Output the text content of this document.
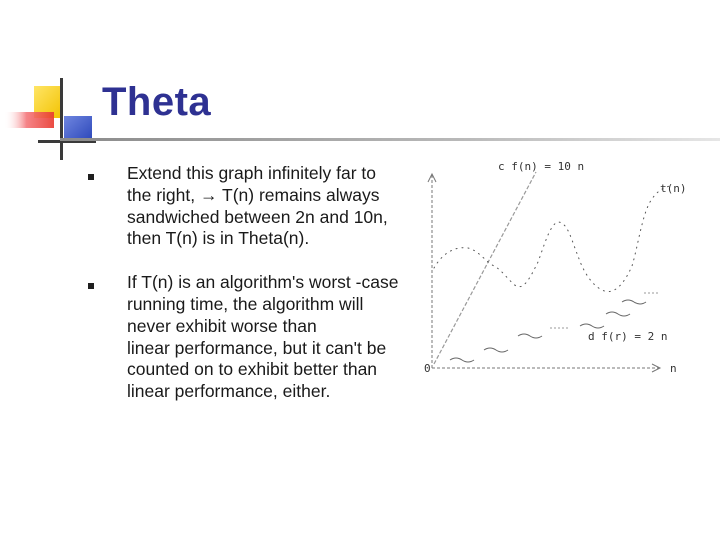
Theta
Extend this graph infinitely far to the right, → T(n) remains always sandwiched between 2n and 10n, then T(n) is in Theta(n).
If T(n) is an algorithm's worst -case running time, the algorithm will never exhibit worse than
linear performance, but it can't be counted on to exhibit better than linear performance, either.
c f(n) = 10 n
t(n)
d f(r) = 2 n
0	n
